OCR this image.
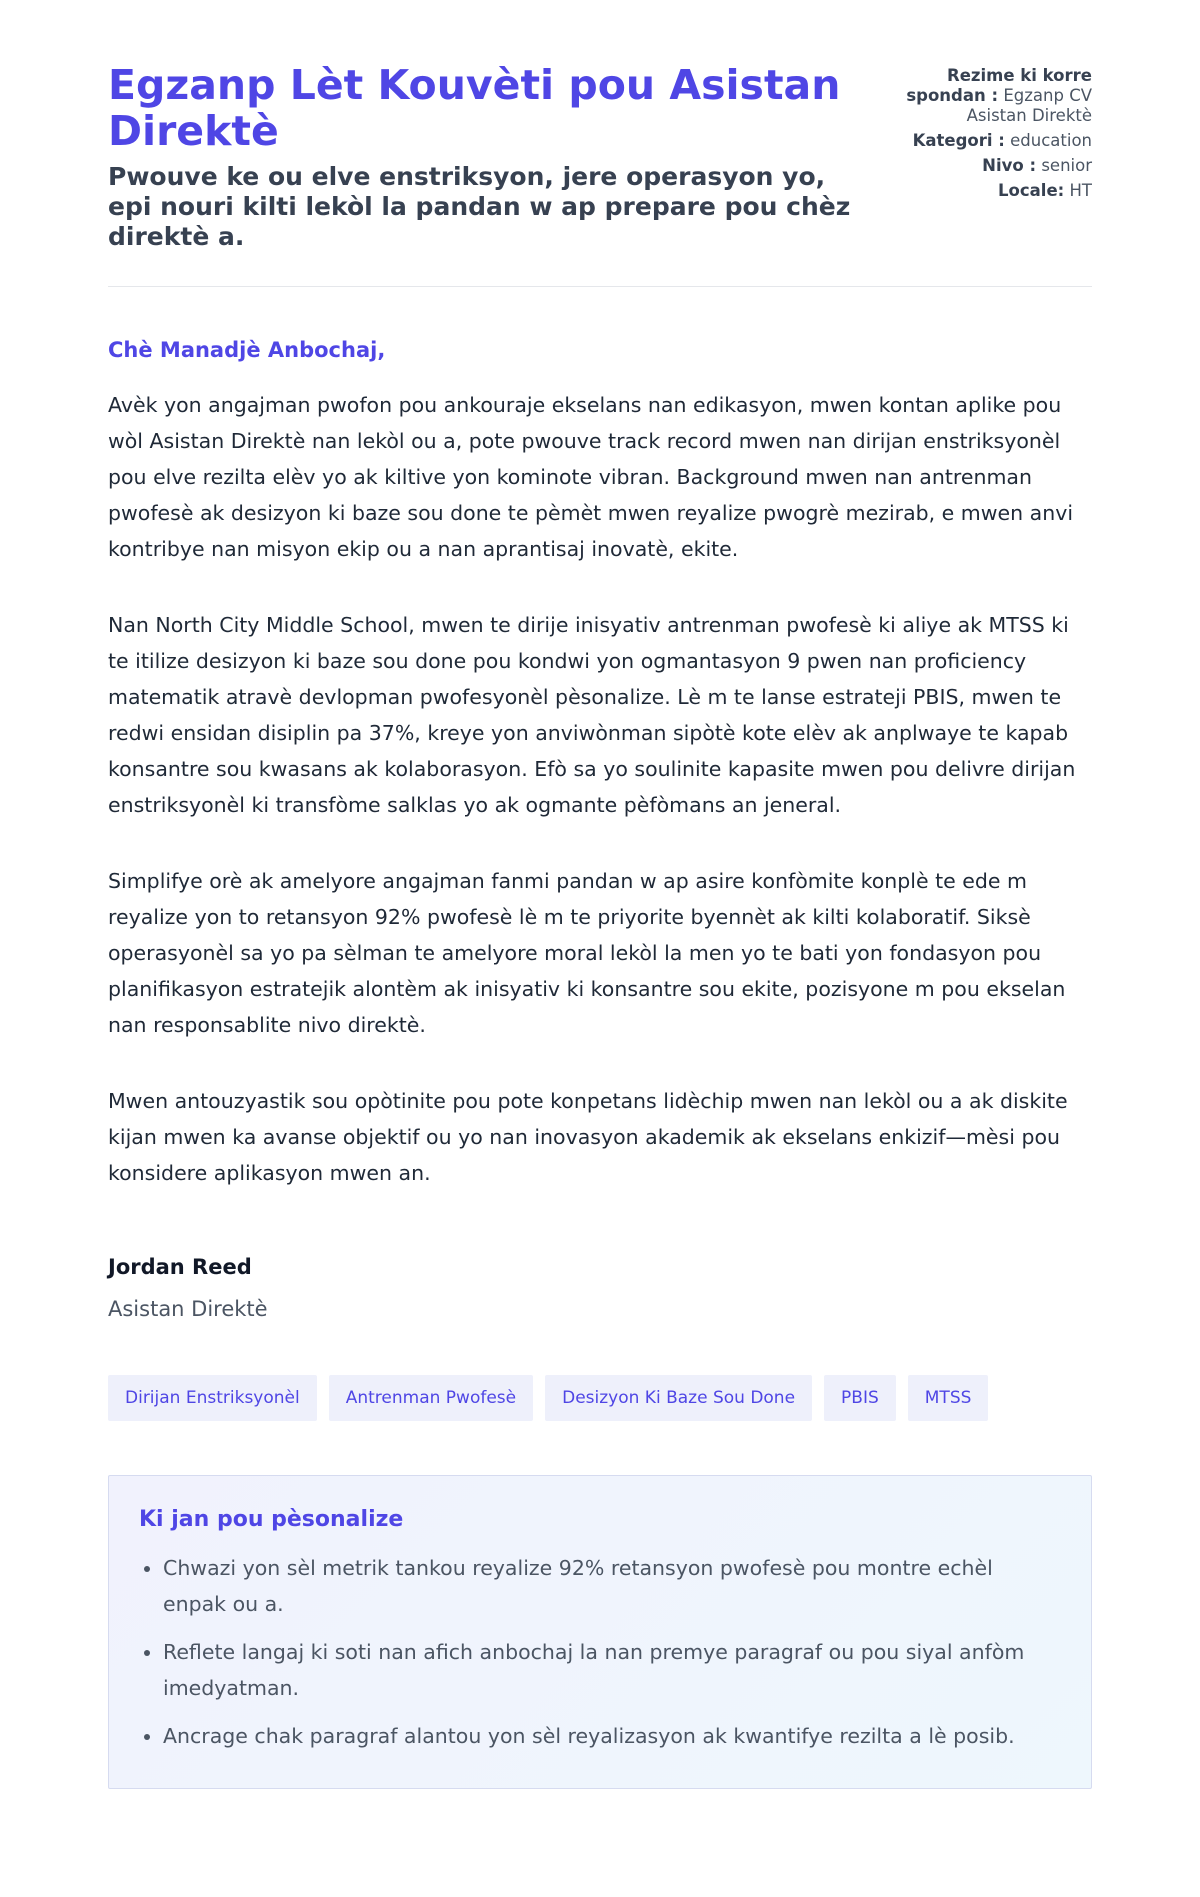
Egzanp Lèt Kouvèti pou Asistan Direktè
Pwouve ke ou elve enstriksyon, jere operasyon yo, epi nouri kilti lekòl la pandan w ap prepare pou chèz direktè a.
Rezime ki korre spondan : Egzanp CV Asistan Direktè
Kategori : education
Nivo : senior
Locale: HT

Chè Manadjè Anbochaj,

Avèk yon angajman pwofon pou ankouraje ekselans nan edikasyon, mwen kontan aplike pou wòl Asistan Direktè nan lekòl ou a, pote pwouve track record mwen nan dirijan enstriksyonèl pou elve rezilta elèv yo ak kiltive yon kominote vibran. Background mwen nan antrenman pwofesè ak desizyon ki baze sou done te pèmèt mwen reyalize pwogrè mezirab, e mwen anvi kontribye nan misyon ekip ou a nan aprantisaj inovatè, ekite.

Nan North City Middle School, mwen te dirije inisyativ antrenman pwofesè ki aliye ak MTSS ki te itilize desizyon ki baze sou done pou kondwi yon ogmantasyon 9 pwen nan proficiency matematik atravè devlopman pwofesyonèl pèsonalize. Lè m te lanse estrateji PBIS, mwen te redwi ensidan disiplin pa 37%, kreye yon anviwònman sipòtè kote elèv ak anplwaye te kapab konsantre sou kwasans ak kolaborasyon. Efò sa yo soulinite kapasite mwen pou delivre dirijan enstriksyonèl ki transfòme salklas yo ak ogmante pèfòmans an jeneral.

Simplifye orè ak amelyore angajman fanmi pandan w ap asire konfòmite konplè te ede m reyalize yon to retansyon 92% pwofesè lè m te priyorite byennèt ak kilti kolaboratif. Siksè operasyonèl sa yo pa sèlman te amelyore moral lekòl la men yo te bati yon fondasyon pou planifikasyon estratejik alontèm ak inisyativ ki konsantre sou ekite, pozisyone m pou ekselan nan responsablite nivo direktè.

Mwen antouzyastik sou opòtinite pou pote konpetans lidèchip mwen nan lekòl ou a ak diskite kijan mwen ka avanse objektif ou yo nan inovasyon akademik ak ekselans enkizif—mèsi pou konsidere aplikasyon mwen an.

Jordan Reed
Asistan Direktè
Dirijan Enstriksyonèl	Antrenman Pwofesè	Desizyon Ki Baze Sou Done	PBIS	MTSS
Ki jan pou pèsonalize
• Chwazi yon sèl metrik tankou reyalize 92% retansyon pwofesè pou montre echèl enpak ou a.
• Reflete langaj ki soti nan afich anbochaj la nan premye paragraf ou pou siyal anfòm imedyatman.
• Ancrage chak paragraf alantou yon sèl reyalizasyon ak kwantifye rezilta a lè posib.
